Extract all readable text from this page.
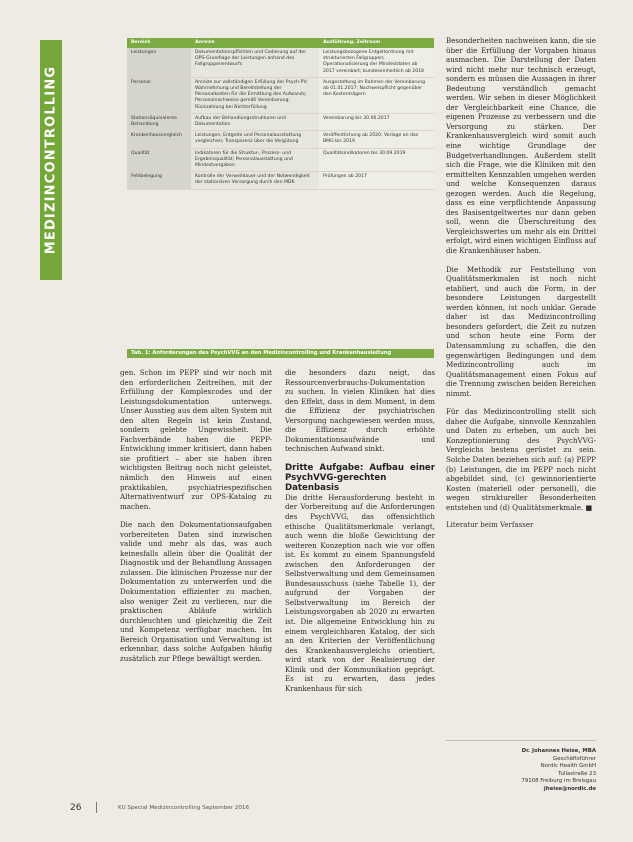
MEDIZINCONTROLLING
Bereich	Anreize	Ausführung, Zeitraum
Leistungen	Dokumentationspflichten und Codierung auf der OPS-Grundlage der Leistungen anhand des Fallgruppenentwurfs	Leistungsbezogene Entgeltordnung mit strukturierten Fallgruppen; Operationalisierung der Mindestdaten ab 2017 vereinbart; bundeseinheitlich ab 2018
Personal	Anreize zur vollständigen Erfüllung der Psych-PV: Wahrnehmung und Bereitstellung der Personalkosten für die Ermittlung des Aufwands; Personalnachweise gemäß Vereinbarung; Rückzahlung bei Nichterfüllung	Ausgestaltung im Rahmen der Vereinbarung ab 01.01.2017; Nachweispflicht gegenüber den Kostenträgern
Stationsäquivalente Behandlung	Aufbau der Behandlungsstrukturen und Dokumentation	Vereinbarung bis 30.06.2017
Krankenhausvergleich	Leistungen, Entgelte und Personalausstattung vergleichen; Transparenz über die Vergütung	Veröffentlichung ab 2020; Vorlage an das BMG bis 2019
Qualität	Indikatoren für die Struktur-, Prozess- und Ergebnisqualität; Personalausstattung und Mindestvorgaben	Qualitätsindikatoren bis 30.09.2019
Fehlbelegung	Kontrolle der Verweildauer und der Notwendigkeit der stationären Versorgung durch den MDK	Prüfungen ab 2017
Tab. 1: Anforderungen des PsychVVG an den Medizincontrolling und Krankenhausleitung

gen. Schon im PEPP sind wir noch mit den erforderlichen Zeitreihen, mit der Erfüllung der Komplexcodes und der Leistungsdokumentation unterwegs. Unser Ausstieg aus dem alten System mit den alten Regeln ist kein Zustand, sondern gelebte Ungewissheit. Die Fachverbände haben die PEPP-Entwicklung immer kritisiert, dann haben sie profitiert – aber sie haben ihren wichtigsten Beitrag noch nicht geleistet, nämlich den Hinweis auf einen praktikablen, psychiatriespezifischen Alternativentwurf zur OPS-Katalog zu machen.

Die nach den Dokumentationsaufgaben vorbereiteten Daten sind inzwischen valide und mehr als das, was auch keinesfalls allein über die Qualität der Diagnostik und der Behandlung Aussagen zulassen. Die klinischen Prozesse nur der Dokumentation zu unterwerfen und die Dokumentation effizienter zu machen, also weniger Zeit zu verlieren, nur die praktischen Abläufe wirklich durchleuchten und gleichzeitig die Zeit und Kompetenz verfügbar machen. Im Bereich Organisation und Verwaltung ist erkennbar, dass solche Aufgaben häufig zusätzlich zur Pflege bewältigt werden.

die besonders dazu neigt, das Ressourcenverbrauchs-Dokumentation zu suchen. In vielen Kliniken hat dies den Effekt, dass in dem Moment, in dem die Effizienz der psychiatrischen Versorgung nachgewiesen werden muss, die Effizienz durch erhöhte Dokumentationsaufwände und technischen Aufwand sinkt.

Dritte Aufgabe: Aufbau einer PsychVVG-gerechten Datenbasis

Die dritte Herausforderung besteht in der Vorbereitung auf die Anforderungen des PsychVVG, das offensichtlich ethische Qualitätsmerkmale verlangt, auch wenn die bloße Gewichtung der weiteren Konzeption nach wie vor offen ist. Es kommt zu einem Spannungsfeld zwischen den Anforderungen der Selbstverwaltung und dem Gemeinsamen Bundesausschuss (siehe Tabelle 1), der aufgrund der Vorgaben der Selbstverwaltung im Bereich der Leistungsvorgaben ab 2020 zu erwarten ist. Die allgemeine Entwicklung hin zu einem vergleichbaren Katalog, der sich an den Kriterien der Veröffentlichung des Krankenhausvergleichs orientiert, wird stark von der Realisierung der Klinik und der Kommunikation geprägt. Es ist zu erwarten, dass jedes Krankenhaus für sich

Besonderheiten nachweisen kann, die sie über die Erfüllung der Vorgaben hinaus ausmachen. Die Darstellung der Daten wird nicht mehr nur technisch erzeugt, sondern es müssen die Aussagen in ihrer Bedeutung verständlich gemacht werden. Wir sehen in dieser Möglichkeit der Vergleichbarkeit eine Chance, die eigenen Prozesse zu verbessern und die Versorgung zu stärken. Der Krankenhausvergleich wird somit auch eine wichtige Grundlage der Budgetverhandlungen. Außerdem stellt sich die Frage, wie die Kliniken mit den ermittelten Kennzahlen umgehen werden und welche Konsequenzen daraus gezogen werden. Auch die Regelung, dass es eine verpflichtende Anpassung des Basisentgeltwertes nur dann geben soll, wenn die Überschreitung des Vergleichswertes um mehr als ein Drittel erfolgt, wird einen wichtigen Einfluss auf die Krankenhäuser haben.

Die Methodik zur Feststellung von Qualitätsmerkmalen ist noch nicht etabliert, und auch die Form, in der besondere Leistungen dargestellt werden können, ist noch unklar. Gerade daher ist das Medizincontrolling besonders gefordert, die Zeit zu nutzen und schon heute eine Form der Datensammlung zu schaffen, die den gegenwärtigen Bedingungen und dem Medizincontrolling auch im Qualitätsmanagement einen Fokus auf die Trennung zwischen beiden Bereichen nimmt.

Für das Medizincontrolling stellt sich daher die Aufgabe, sinnvolle Kennzahlen und Daten zu erheben, um auch bei Konzeptionierung des PsychVVG-Vergleichs bestens gerüstet zu sein. Solche Daten beziehen sich auf: (a) PEPP (b) Leistungen, die im PEPP noch nicht abgebildet sind, (c) gewinnorientierte Kosten (materiell oder personell), die wegen struktureller Besonderheiten entstehen und (d) Qualitätsmerkmale. ■

Literatur beim Verfasser

Dr. Johannes Heise, MBA
Geschäftsführer
Nordic Health GmbH
Tullastraße 23
79108 Freiburg im Breisgau
jheise@nordic.de
26	KU Special Medizincontrolling September 2016
